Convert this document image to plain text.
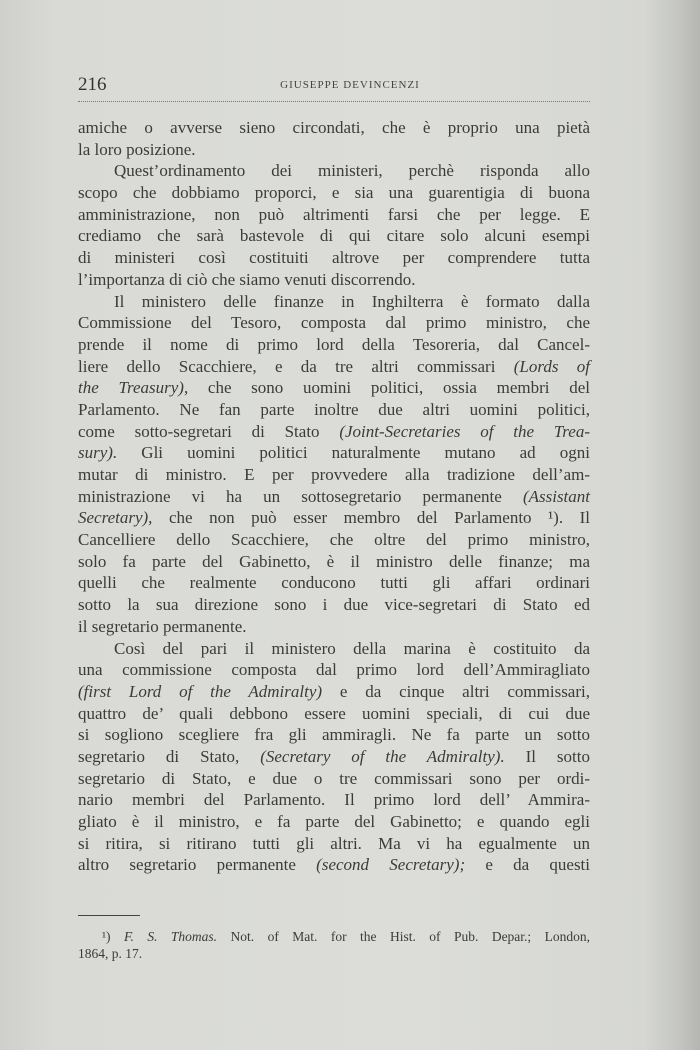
216	GIUSEPPE DEVINCENZI
amiche o avverse sieno circondati, che è proprio una pietà
la loro posizione.
Quest’ordinamento dei ministeri, perchè risponda allo
scopo che dobbiamo proporci, e sia una guarentigia di buona
amministrazione, non può altrimenti farsi che per legge. E
crediamo che sarà bastevole di qui citare solo alcuni esempi
di ministeri così costituiti altrove per comprendere tutta
l’importanza di ciò che siamo venuti discorrendo.
Il ministero delle finanze in Inghilterra è formato dalla
Commissione del Tesoro, composta dal primo ministro, che
prende il nome di primo lord della Tesoreria, dal Cancel-
liere dello Scacchiere, e da tre altri commissari (Lords of
the Treasury), che sono uomini politici, ossia membri del
Parlamento. Ne fan parte inoltre due altri uomini politici,
come sotto-segretari di Stato (Joint-Secretaries of the Trea-
sury). Gli uomini politici naturalmente mutano ad ogni
mutar di ministro. E per provvedere alla tradizione dell’am-
ministrazione vi ha un sottosegretario permanente (Assistant
Secretary), che non può esser membro del Parlamento ¹). Il
Cancelliere dello Scacchiere, che oltre del primo ministro,
solo fa parte del Gabinetto, è il ministro delle finanze; ma
quelli che realmente conducono tutti gli affari ordinari
sotto la sua direzione sono i due vice-segretari di Stato ed
il segretario permanente.
Così del pari il ministero della marina è costituito da
una commissione composta dal primo lord dell’Ammiragliato
(first Lord of the Admiralty) e da cinque altri commissari,
quattro de’ quali debbono essere uomini speciali, di cui due
si sogliono scegliere fra gli ammiragli. Ne fa parte un sotto
segretario di Stato, (Secretary of the Admiralty). Il sotto
segretario di Stato, e due o tre commissari sono per ordi-
nario membri del Parlamento. Il primo lord dell’ Ammira-
gliato è il ministro, e fa parte del Gabinetto; e quando egli
si ritira, si ritirano tutti gli altri. Ma vi ha egualmente un
altro segretario permanente (second Secretary); e da questi
¹) F. S. Thomas. Not. of Mat. for the Hist. of Pub. Depar.; London,
1864, p. 17.
